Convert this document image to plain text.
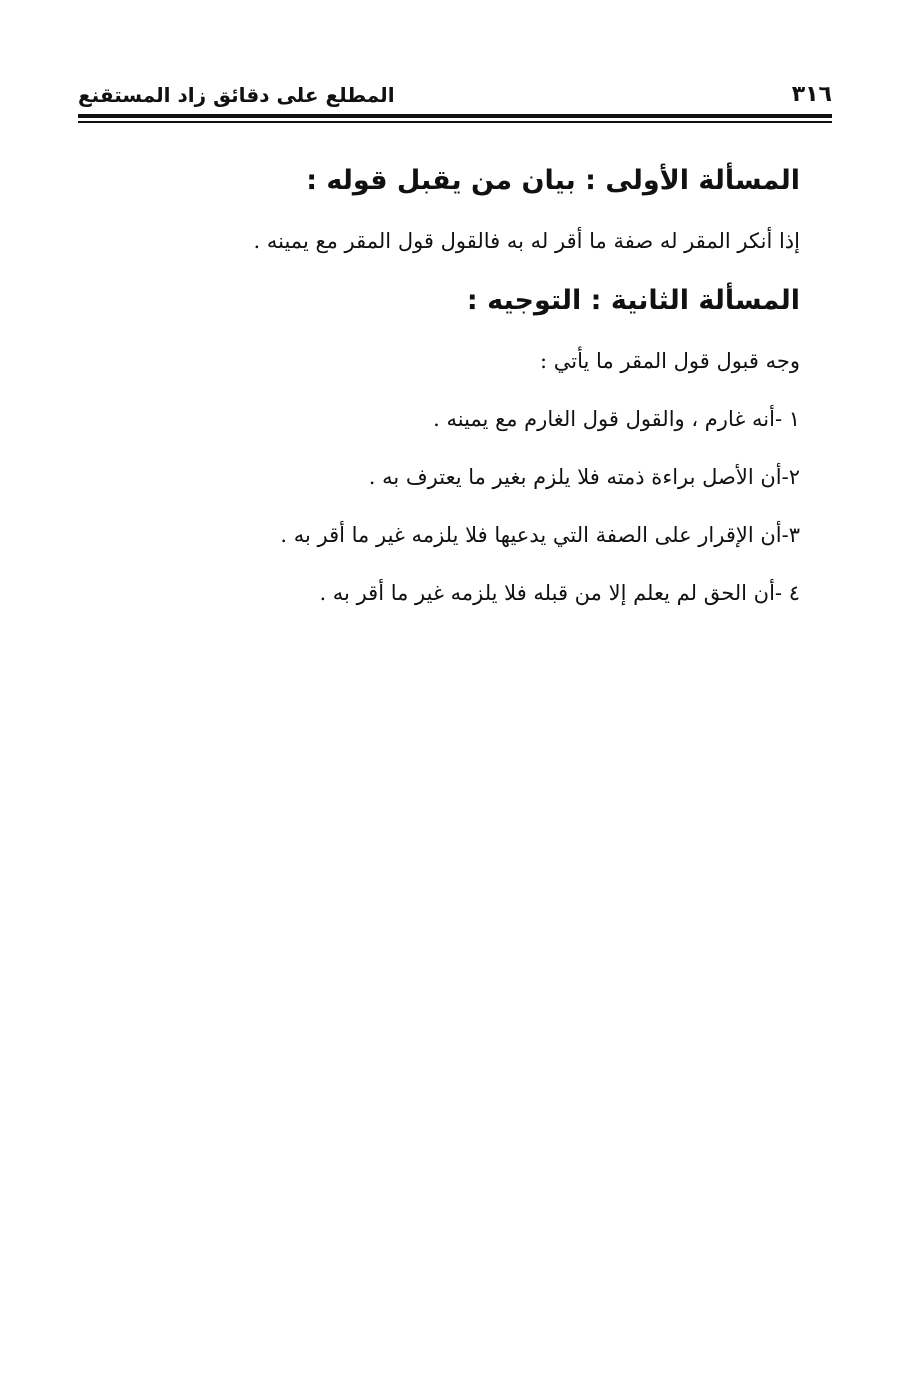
٣١٦
المطلع على دقائق زاد المستقنع

المسألة الأولى : بيان من يقبل قوله :

إذا أنكر المقر له صفة ما أقر له به فالقول قول المقر مع يمينه .

المسألة الثانية : التوجيه :

وجه قبول قول المقر ما يأتي :

١ -أنه غارم ، والقول قول الغارم مع يمينه .

٢-أن الأصل براءة ذمته فلا يلزم بغير ما يعترف به .

٣-أن الإقرار على الصفة التي يدعيها فلا يلزمه غير ما أقر به .

٤ -أن الحق لم يعلم إلا من قبله فلا يلزمه غير ما أقر به .
